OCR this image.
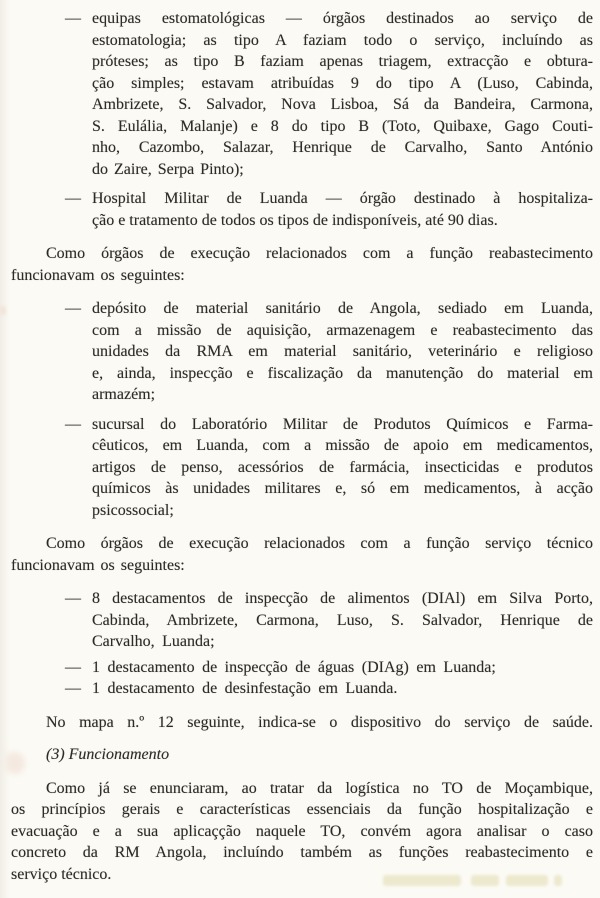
— equipas estomatológicas — órgãos destinados ao serviço de
estomatologia; as tipo A faziam todo o serviço, incluíndo as
próteses; as tipo B faziam apenas triagem, extracção e obtura-
ção simples; estavam atribuídas 9 do tipo A (Luso, Cabinda,
Ambrizete, S. Salvador, Nova Lisboa, Sá da Bandeira, Carmona,
S. Eulália, Malanje) e 8 do tipo B (Toto, Quibaxe, Gago Couti-
nho, Cazombo, Salazar, Henrique de Carvalho, Santo António
do Zaire, Serpa Pinto);
— Hospital Militar de Luanda — órgão destinado à hospitaliza-
ção e tratamento de todos os tipos de indisponíveis, até 90 dias.
Como órgãos de execução relacionados com a função reabastecimento
funcionavam os seguintes:
— depósito de material sanitário de Angola, sediado em Luanda,
com a missão de aquisição, armazenagem e reabastecimento das
unidades da RMA em material sanitário, veterinário e religioso
e, ainda, inspecção e fiscalização da manutenção do material em
armazém;
— sucursal do Laboratório Militar de Produtos Químicos e Farma-
cêuticos, em Luanda, com a missão de apoio em medicamentos,
artigos de penso, acessórios de farmácia, insecticidas e produtos
químicos às unidades militares e, só em medicamentos, à acção
psicossocial;
Como órgãos de execução relacionados com a função serviço técnico
funcionavam os seguintes:
— 8 destacamentos de inspecção de alimentos (DIAl) em Silva Porto,
Cabinda, Ambrizete, Carmona, Luso, S. Salvador, Henrique de
Carvalho, Luanda;
— 1 destacamento de inspecção de águas (DIAg) em Luanda;
— 1 destacamento de desinfestação em Luanda.
No mapa n.º 12 seguinte, indica-se o dispositivo do serviço de saúde.
(3) Funcionamento
Como já se enunciaram, ao tratar da logística no TO de Moçambique,
os princípios gerais e características essenciais da função hospitalização e
evacuação e a sua aplicaçção naquele TO, convém agora analisar o caso
concreto da RM Angola, incluíndo também as funções reabastecimento e
serviço técnico.
